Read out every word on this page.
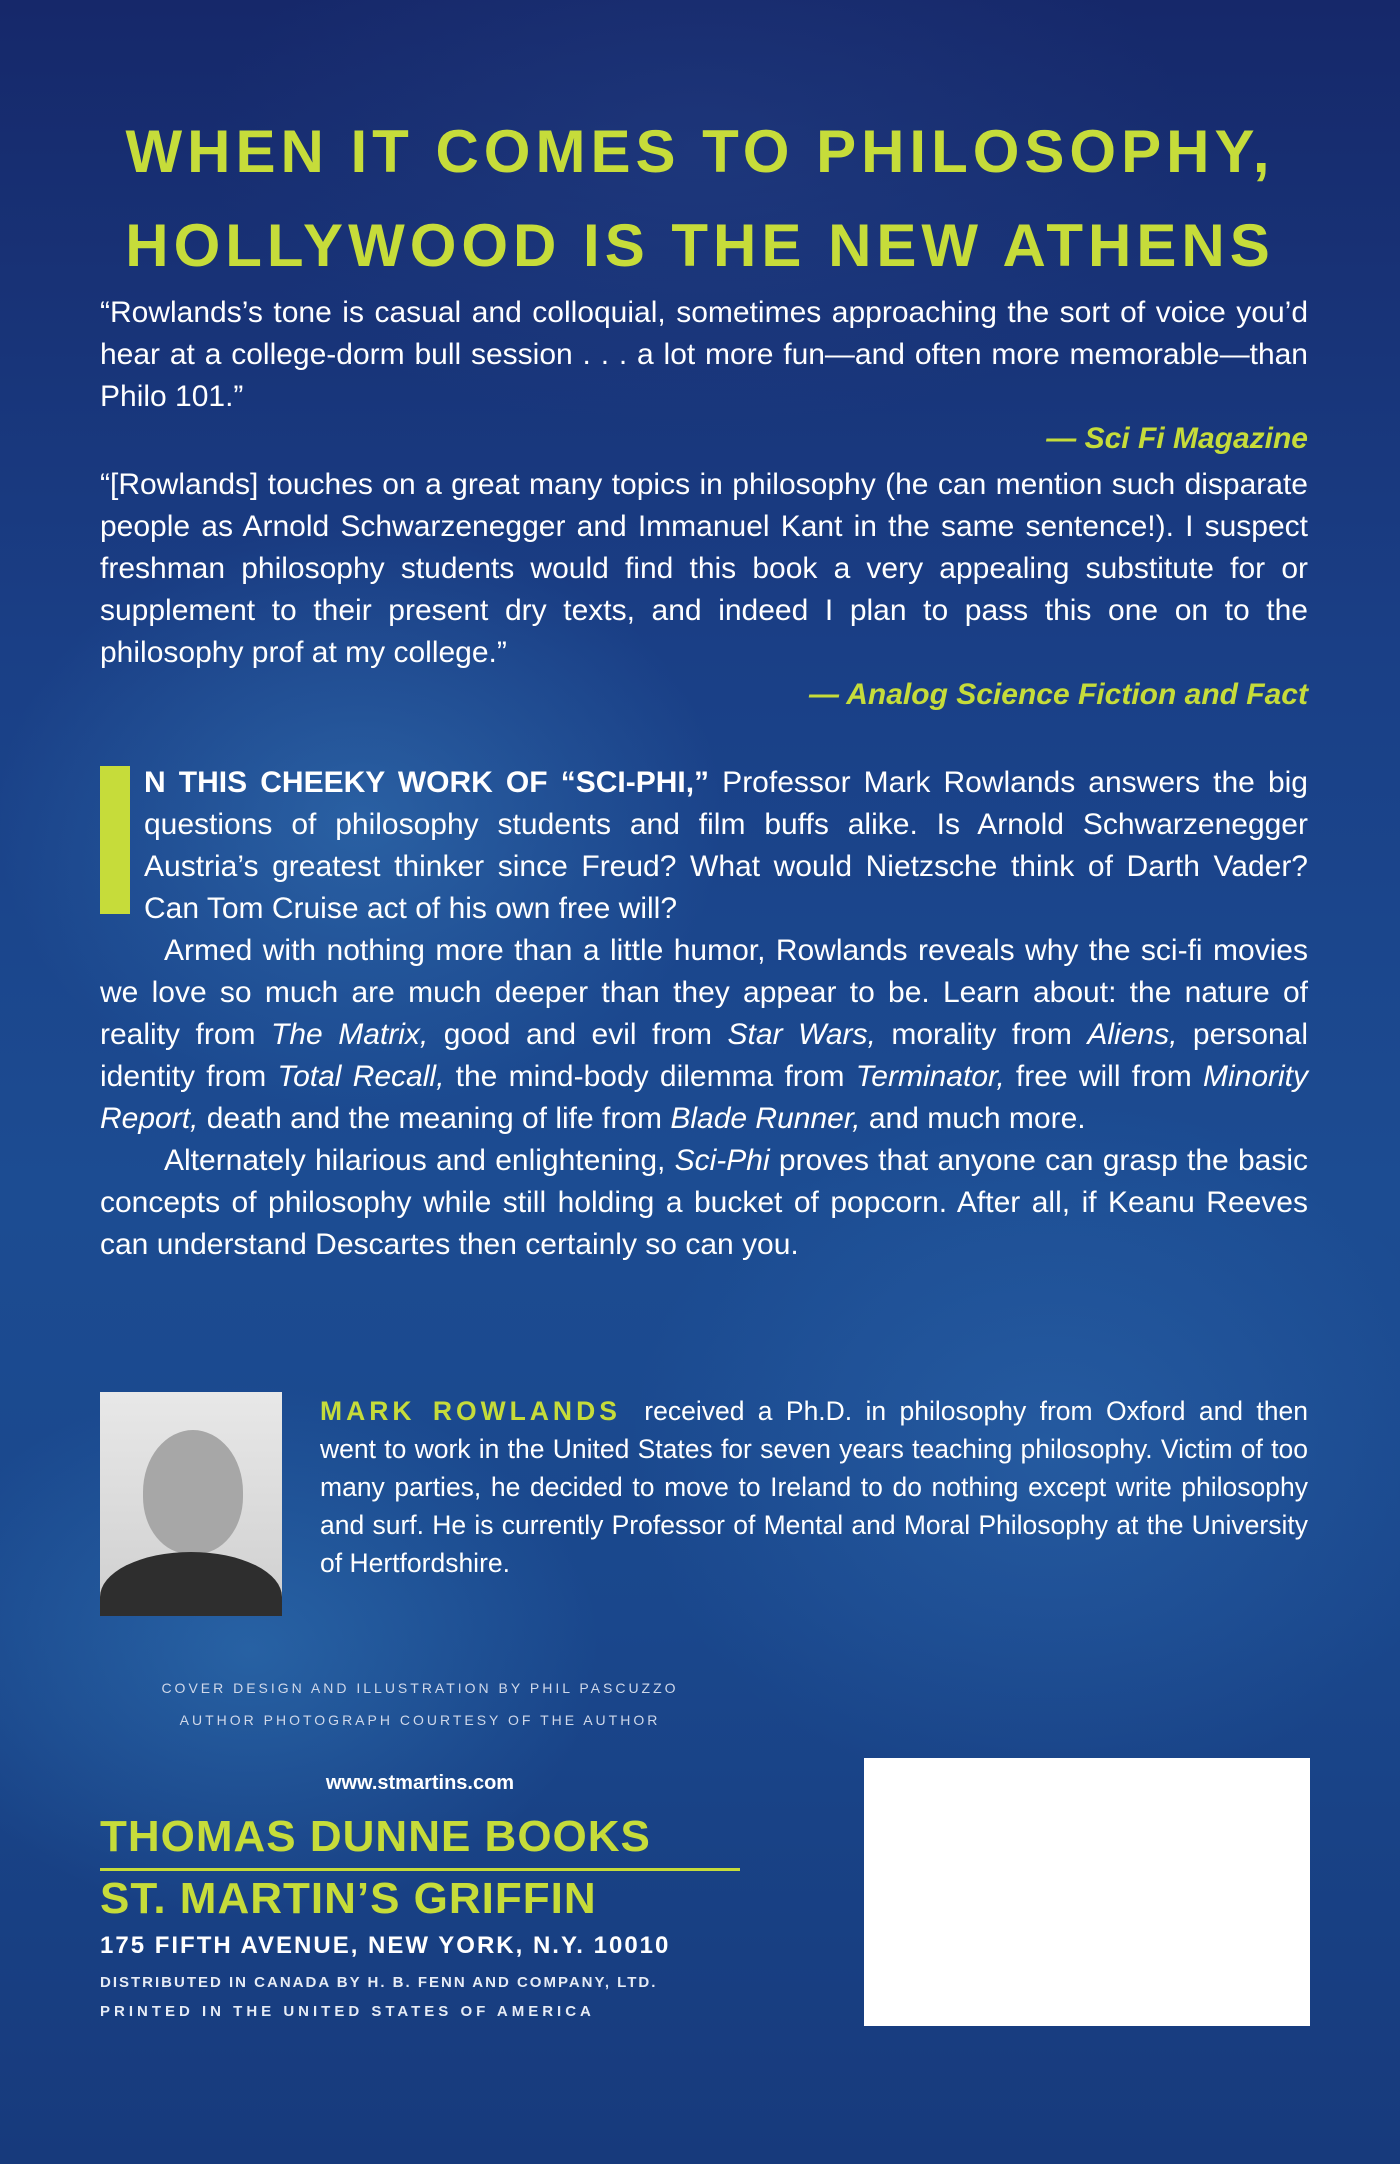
WHEN IT COMES TO PHILOSOPHY,
HOLLYWOOD IS THE NEW ATHENS
“Rowlands’s tone is casual and colloquial, sometimes approaching the sort of voice you’d hear at a college-dorm bull session . . . a lot more fun—and often more memorable—than Philo 101.”
— Sci Fi Magazine
“[Rowlands] touches on a great many topics in philosophy (he can mention such disparate people as Arnold Schwarzenegger and Immanuel Kant in the same sentence!). I suspect freshman philosophy students would find this book a very appealing substitute for or supplement to their present dry texts, and indeed I plan to pass this one on to the philosophy prof at my college.”
— Analog Science Fiction and Fact

N THIS CHEEKY WORK OF “SCI-PHI,” Professor Mark Rowlands answers the big questions of philosophy students and film buffs alike. Is Arnold Schwarzenegger Austria’s greatest thinker since Freud? What would Nietzsche think of Darth Vader? Can Tom Cruise act of his own free will?

Armed with nothing more than a little humor, Rowlands reveals why the sci-fi movies we love so much are much deeper than they appear to be. Learn about: the nature of reality from The Matrix, good and evil from Star Wars, morality from Aliens, personal identity from Total Recall, the mind-body dilemma from Terminator, free will from Minority Report, death and the meaning of life from Blade Runner, and much more.

Alternately hilarious and enlightening, Sci-Phi proves that anyone can grasp the basic concepts of philosophy while still holding a bucket of popcorn. After all, if Keanu Reeves can understand Descartes then certainly so can you.

MARK ROWLANDS received a Ph.D. in philosophy from Oxford and then went to work in the United States for seven years teaching philosophy. Victim of too many parties, he decided to move to Ireland to do nothing except write philosophy and surf. He is currently Professor of Mental and Moral Philosophy at the University of Hertfordshire.
COVER DESIGN AND ILLUSTRATION BY PHIL PASCUZZO
AUTHOR PHOTOGRAPH COURTESY OF THE AUTHOR
www.stmartins.com
THOMAS DUNNE BOOKS
ST. MARTIN’S GRIFFIN
175 FIFTH AVENUE, NEW YORK, N.Y. 10010
DISTRIBUTED IN CANADA BY H. B. FENN AND COMPANY, LTD.
PRINTED IN THE UNITED STATES OF AMERICA
